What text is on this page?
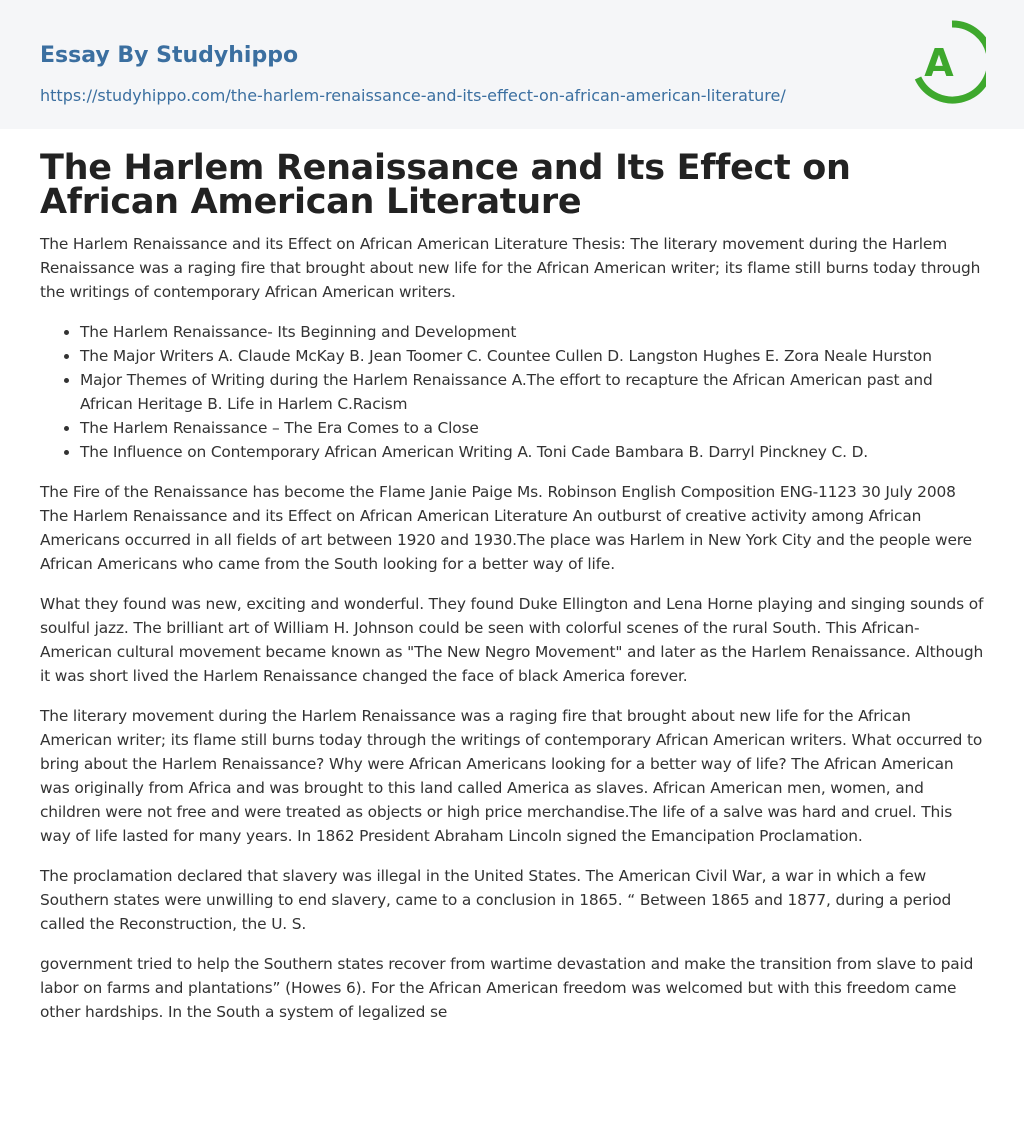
Essay By Studyhippo
https://studyhippo.com/the-harlem-renaissance-and-its-effect-on-african-american-literature/
A
The Harlem Renaissance and Its Effect on African American Literature

The Harlem Renaissance and its Effect on African American Literature Thesis: The literary movement during the Harlem Renaissance was a raging fire that brought about new life for the African American writer; its flame still burns today through the writings of contemporary African American writers.

• The Harlem Renaissance- Its Beginning and Development
• The Major Writers A. Claude McKay B. Jean Toomer C. Countee Cullen D. Langston Hughes E. Zora Neale Hurston
• Major Themes of Writing during the Harlem Renaissance A.The effort to recapture the African American past and African Heritage B. Life in Harlem C.Racism
• The Harlem Renaissance – The Era Comes to a Close
• The Influence on Contemporary African American Writing A. Toni Cade Bambara B. Darryl Pinckney C. D.

The Fire of the Renaissance has become the Flame Janie Paige Ms. Robinson English Composition ENG-1123 30 July 2008 The Harlem Renaissance and its Effect on African American Literature An outburst of creative activity among African Americans occurred in all fields of art between 1920 and 1930.The place was Harlem in New York City and the people were African Americans who came from the South looking for a better way of life.

What they found was new, exciting and wonderful. They found Duke Ellington and Lena Horne playing and singing sounds of soulful jazz. The brilliant art of William H. Johnson could be seen with colorful scenes of the rural South. This African-American cultural movement became known as "The New Negro Movement" and later as the Harlem Renaissance. Although it was short lived the Harlem Renaissance changed the face of black America forever.

The literary movement during the Harlem Renaissance was a raging fire that brought about new life for the African American writer; its flame still burns today through the writings of contemporary African American writers. What occurred to bring about the Harlem Renaissance? Why were African Americans looking for a better way of life? The African American was originally from Africa and was brought to this land called America as slaves. African American men, women, and children were not free and were treated as objects or high price merchandise.The life of a salve was hard and cruel. This way of life lasted for many years. In 1862 President Abraham Lincoln signed the Emancipation Proclamation.

The proclamation declared that slavery was illegal in the United States. The American Civil War, a war in which a few Southern states were unwilling to end slavery, came to a conclusion in 1865. “ Between 1865 and 1877, during a period called the Reconstruction, the U. S.

government tried to help the Southern states recover from wartime devastation and make the transition from slave to paid labor on farms and plantations” (Howes 6). For the African American freedom was welcomed but with this freedom came other hardships. In the South a system of legalized se
